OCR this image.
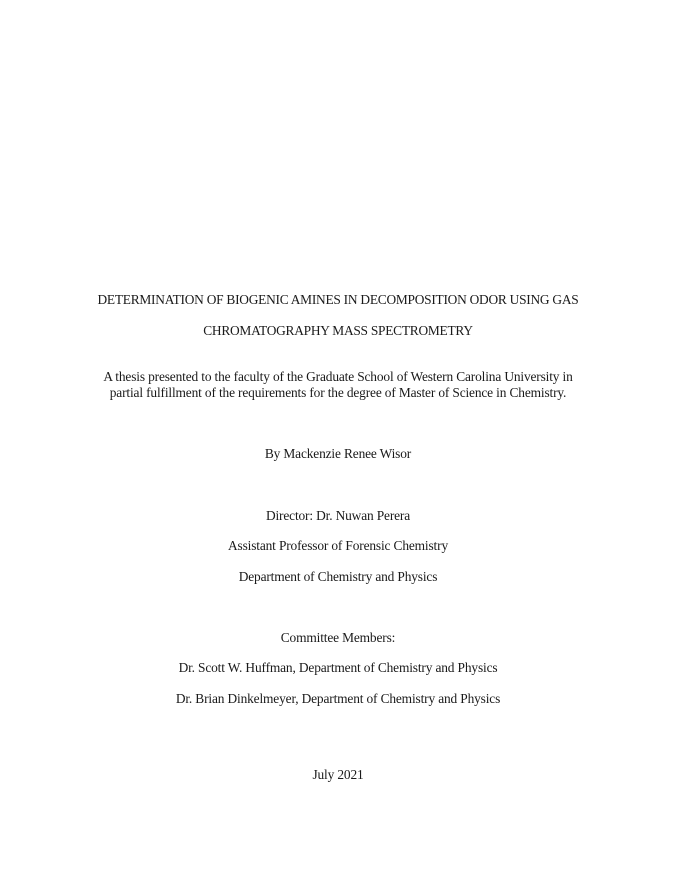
DETERMINATION OF BIOGENIC AMINES IN DECOMPOSITION ODOR USING GAS
CHROMATOGRAPHY MASS SPECTROMETRY
A thesis presented to the faculty of the Graduate School of Western Carolina University in
partial fulfillment of the requirements for the degree of Master of Science in Chemistry.
By Mackenzie Renee Wisor
Director: Dr. Nuwan Perera
Assistant Professor of Forensic Chemistry
Department of Chemistry and Physics
Committee Members:
Dr. Scott W. Huffman, Department of Chemistry and Physics
Dr. Brian Dinkelmeyer, Department of Chemistry and Physics
July 2021
